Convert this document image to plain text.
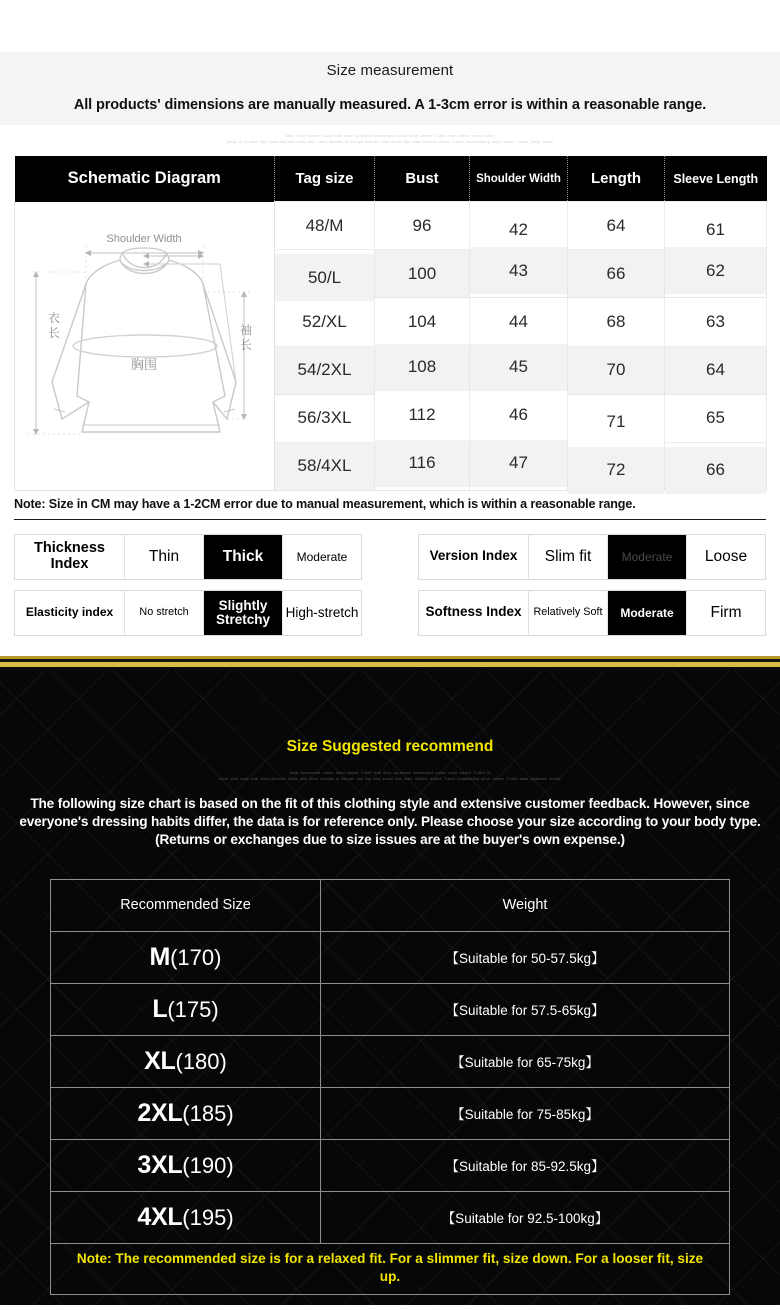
Size measurement
All products' dimensions are manually measured. A 1-3cm error is within a reasonable range.
ation short sleeve T-shirt half neck up-alumni mercerized cotton short sleeve T-shirt man edition round collar
dress of rt male tide cloud-adorned shirts with short sleeves in Europe and the new social tide male flowers leisure T-shirt modelsdating short sleeve T-shirt mens Japan
Schematic Diagram	Tag size	Bust	Shoulder Width	Length	Sleeve Length

Shoulder Width
衣
长	袖
长
胸围
	48/M	96	42	64	61
	50/L	100	43	66	62
	52/XL	104	44	68	63
	54/2XL	108	45	70	64
	56/3XL	112	46	71	65
	58/4XL	116	47	72	66
Note: Size in CM may have a 1-2CM error due to manual measurement, which is within a reasonable range.
Thickness Index	Thin	Thick	Moderate
Elasticity index	No stretch	Slightly Stretchy	High-stretch
Version Index	Slim fit	Moderate	Loose
Softness Index	Relatively Soft	Moderate	Firm
Size Suggested recommend
Anial mercerized cotton short sleeve T-shirt half neck up-alumni mercerized cotton short sleeve T-shirt fit
trend shirt male tide cloud-adorned shirts with short sleeves in Europe and the new social tide male flowers leisure T-shirt modeldating short sleeve T-shirt male japanese mobile
The following size chart is based on the fit of this clothing style and extensive customer feedback. However, since everyone's dressing habits differ, the data is for reference only. Please choose your size according to your body type. (Returns or exchanges due to size issues are at the buyer's own expense.)
Recommended Size	Weight
M(170)	【Suitable for 50-57.5kg】
L(175)	【Suitable for 57.5-65kg】
XL(180)	【Suitable for 65-75kg】
2XL(185)	【Suitable for 75-85kg】
3XL(190)	【Suitable for 85-92.5kg】
4XL(195)	【Suitable for 92.5-100kg】
Note: The recommended size is for a relaxed fit. For a slimmer fit, size down. For a looser fit, size up.
